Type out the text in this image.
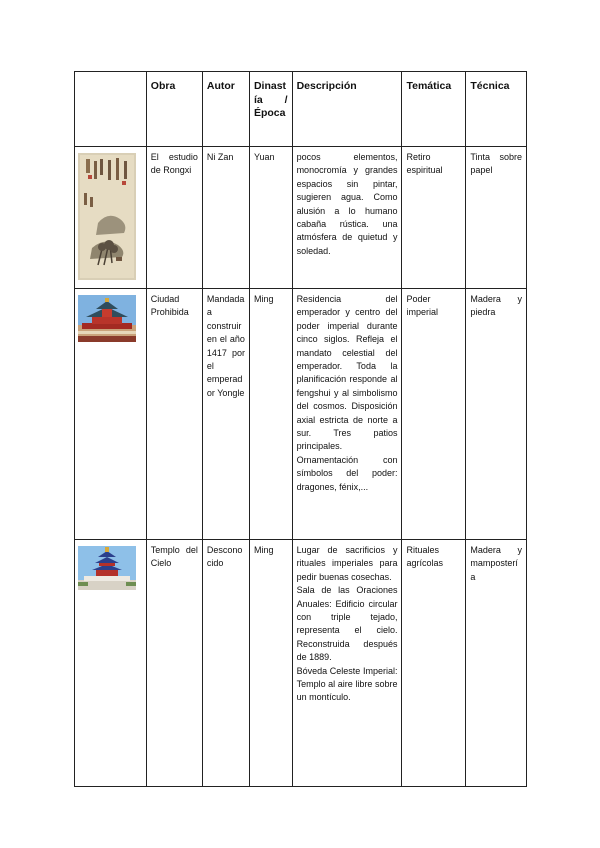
	Obra	Autor	Dinastía / Época	Descripción	Temática	Técnica

	El estudio de Rongxi	Ni Zan	Yuan	pocos elementos, monocromía y grandes espacios sin pintar, sugieren agua. Como alusión a lo humano cabaña rústica. una atmósfera de quietud y soledad.	Retiro espiritual	Tinta sobre papel

	Ciudad Prohibida	Mandada a construir en el año 1417 por el emperador Yongle	Ming	Residencia del emperador y centro del poder imperial durante cinco siglos. Refleja el mandato celestial del emperador. Toda la planificación responde al fengshui y al simbolismo del cosmos. Disposición axial estricta de norte a sur. Tres patios principales. Ornamentación con símbolos del poder: dragones, fénix,...	Poder imperial	Madera y piedra

	Templo del Cielo	Desconocido	Ming	Lugar de sacrificios y rituales imperiales para pedir buenas cosechas.
Sala de las Oraciones Anuales: Edificio circular con triple tejado, representa el cielo. Reconstruida después de 1889.
Bóveda Celeste Imperial: Templo al aire libre sobre un montículo.	Rituales agrícolas	Madera y mampostería
